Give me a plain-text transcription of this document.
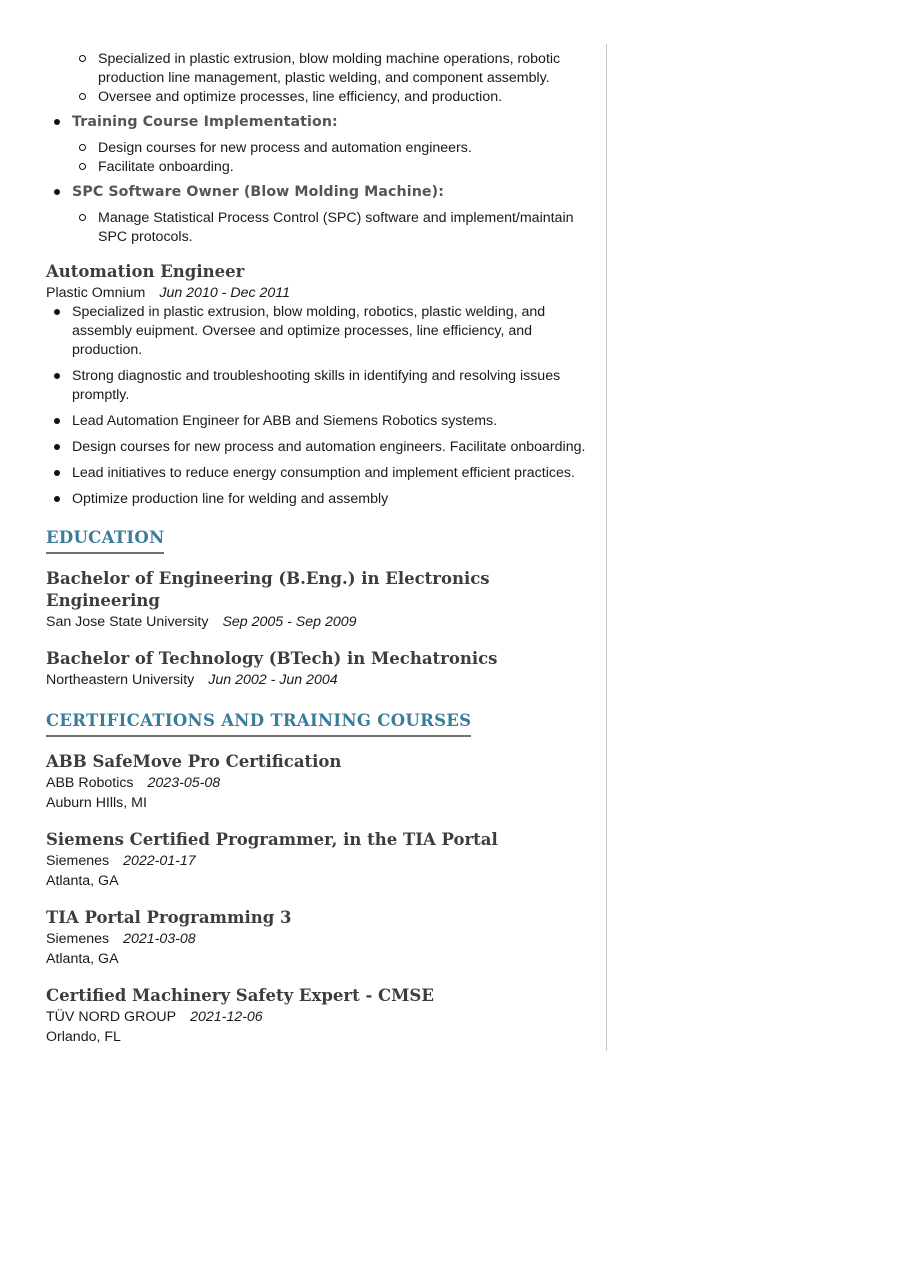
Specialized in plastic extrusion, blow molding machine operations, robotic production line management, plastic welding, and component assembly.
Oversee and optimize processes, line efficiency, and production.
Training Course Implementation:
Design courses for new process and automation engineers.
Facilitate onboarding.
SPC Software Owner (Blow Molding Machine):
Manage Statistical Process Control (SPC) software and implement/maintain SPC protocols.
Automation Engineer
Plastic Omnium Jun 2010 - Dec 2011
Specialized in plastic extrusion, blow molding, robotics, plastic welding, and assembly euipment. Oversee and optimize processes, line efficiency, and production.
Strong diagnostic and troubleshooting skills in identifying and resolving issues promptly.
Lead Automation Engineer for ABB and Siemens Robotics systems.
Design courses for new process and automation engineers. Facilitate onboarding.
Lead initiatives to reduce energy consumption and implement efficient practices.
Optimize production line for welding and assembly
EDUCATION
Bachelor of Engineering (B.Eng.) in Electronics Engineering
San Jose State University Sep 2005 - Sep 2009
Bachelor of Technology (BTech) in Mechatronics
Northeastern University Jun 2002 - Jun 2004
CERTIFICATIONS AND TRAINING COURSES
ABB SafeMove Pro Certification
ABB Robotics 2023-05-08
Auburn HIlls, MI
Siemens Certified Programmer, in the TIA Portal
Siemenes 2022-01-17
Atlanta, GA
TIA Portal Programming 3
Siemenes 2021-03-08
Atlanta, GA
Certified Machinery Safety Expert - CMSE
TÜV NORD GROUP 2021-12-06
Orlando, FL
